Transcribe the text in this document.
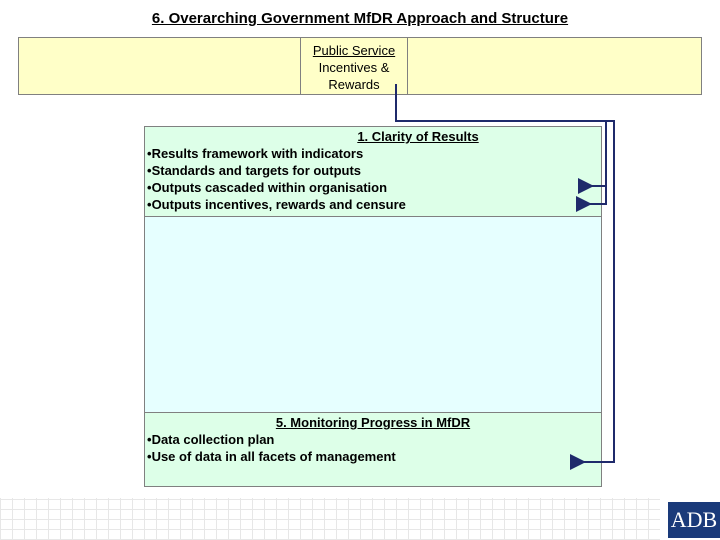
6. Overarching Government MfDR Approach and Structure
Public Service
Incentives &
Rewards
1. Clarity of Results
• Results framework with indicators
• Standards and targets for outputs
• Outputs cascaded within organisation
• Outputs incentives, rewards and censure
5. Monitoring Progress in MfDR
• Data collection plan
• Use of data in all facets of management
ADB
